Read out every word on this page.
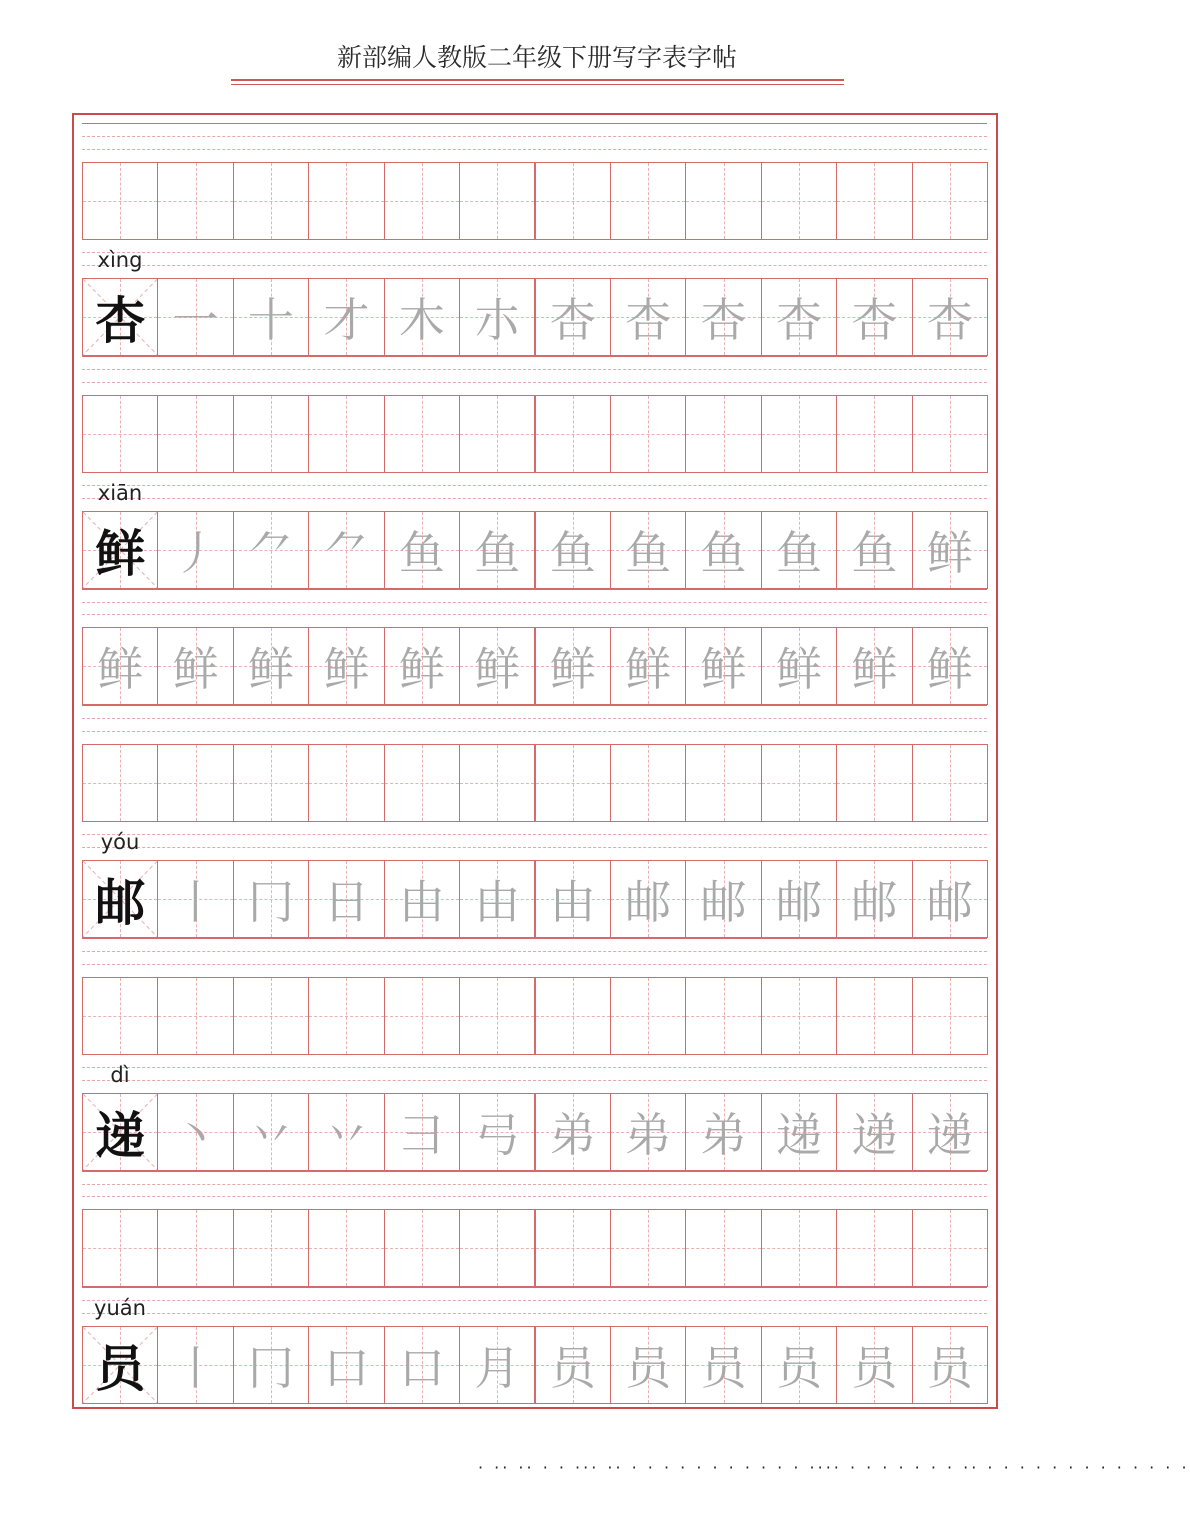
新部编人教版二年级下册写字表字帖
xìng
杏 一 十 才 木 朩 杏 杏 杏 杏 杏 杏
xiān
鲜 丿 ⺈ ⺈ 鱼 鱼 鱼 鱼 鱼 鱼 鱼 鲜
鲜 鲜 鲜 鲜 鲜 鲜 鲜 鲜 鲜 鲜 鲜 鲜
yóu
邮 丨 冂 日 由 由 由 邮 邮 邮 邮 邮
dì
递 丶 丷 丷 ⺕ 弓 弟 弟 弟 递 递 递
yuán
员 丨 冂 口 口 月 员 员 员 员 员 员
· ·· ·· · · ··· ·· · · · · · · · · · · · ···· · · · · · · · ·· · · · · · · · · · · · · ·
